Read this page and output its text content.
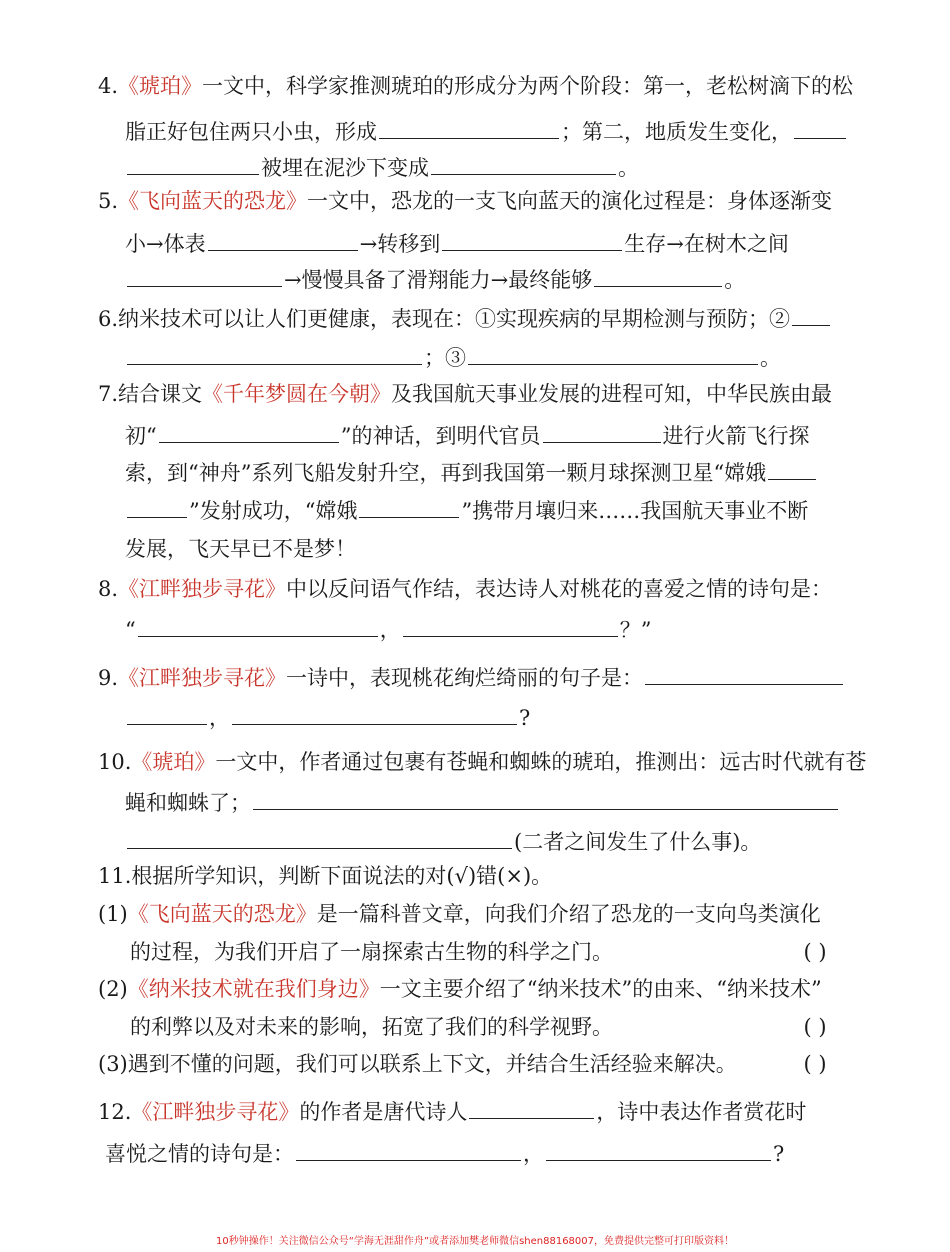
4.《琥珀》一文中，科学家推测琥珀的形成分为两个阶段：第一，老松树滴下的松
脂正好包住两只小虫，形成	；第二，地质发生变化，
被埋在泥沙下变成	。
5.《飞向蓝天的恐龙》一文中，恐龙的一支飞向蓝天的演化过程是：身体逐渐变
小→体表	→转移到	生存→在树木之间
→慢慢具备了滑翔能力→最终能够	。
6.纳米技术可以让人们更健康，表现在：①实现疾病的早期检测与预防；②
；③	。
7.结合课文《千年梦圆在今朝》及我国航天事业发展的进程可知，中华民族由最
初“	”的神话，到明代官员	进行火箭飞行探
索，到“神舟”系列飞船发射升空，再到我国第一颗月球探测卫星“嫦娥
”发射成功，“嫦娥	”携带月壤归来……我国航天事业不断
发展，飞天早已不是梦！
8.《江畔独步寻花》中以反问语气作结，表达诗人对桃花的喜爱之情的诗句是：
“	，	？”
9.《江畔独步寻花》一诗中，表现桃花绚烂绮丽的句子是：
，	?
10.《琥珀》一文中，作者通过包裹有苍蝇和蜘蛛的琥珀，推测出：远古时代就有苍
蝇和蜘蛛了；
(二者之间发生了什么事)。
11.根据所学知识，判断下面说法的对(√)错(×)。
(1)《飞向蓝天的恐龙》是一篇科普文章，向我们介绍了恐龙的一支向鸟类演化
的过程，为我们开启了一扇探索古生物的科学之门。	( )
(2)《纳米技术就在我们身边》一文主要介绍了“纳米技术”的由来、“纳米技术”
的利弊以及对未来的影响，拓宽了我们的科学视野。	( )
(3)遇到不懂的问题，我们可以联系上下文，并结合生活经验来解决。	( )
12.《江畔独步寻花》的作者是唐代诗人	，诗中表达作者赏花时
喜悦之情的诗句是：	，	?
10秒钟操作！关注微信公众号“学海无涯甜作舟”或者添加樊老师微信shen88168007，免费提供完整可打印版资料！
